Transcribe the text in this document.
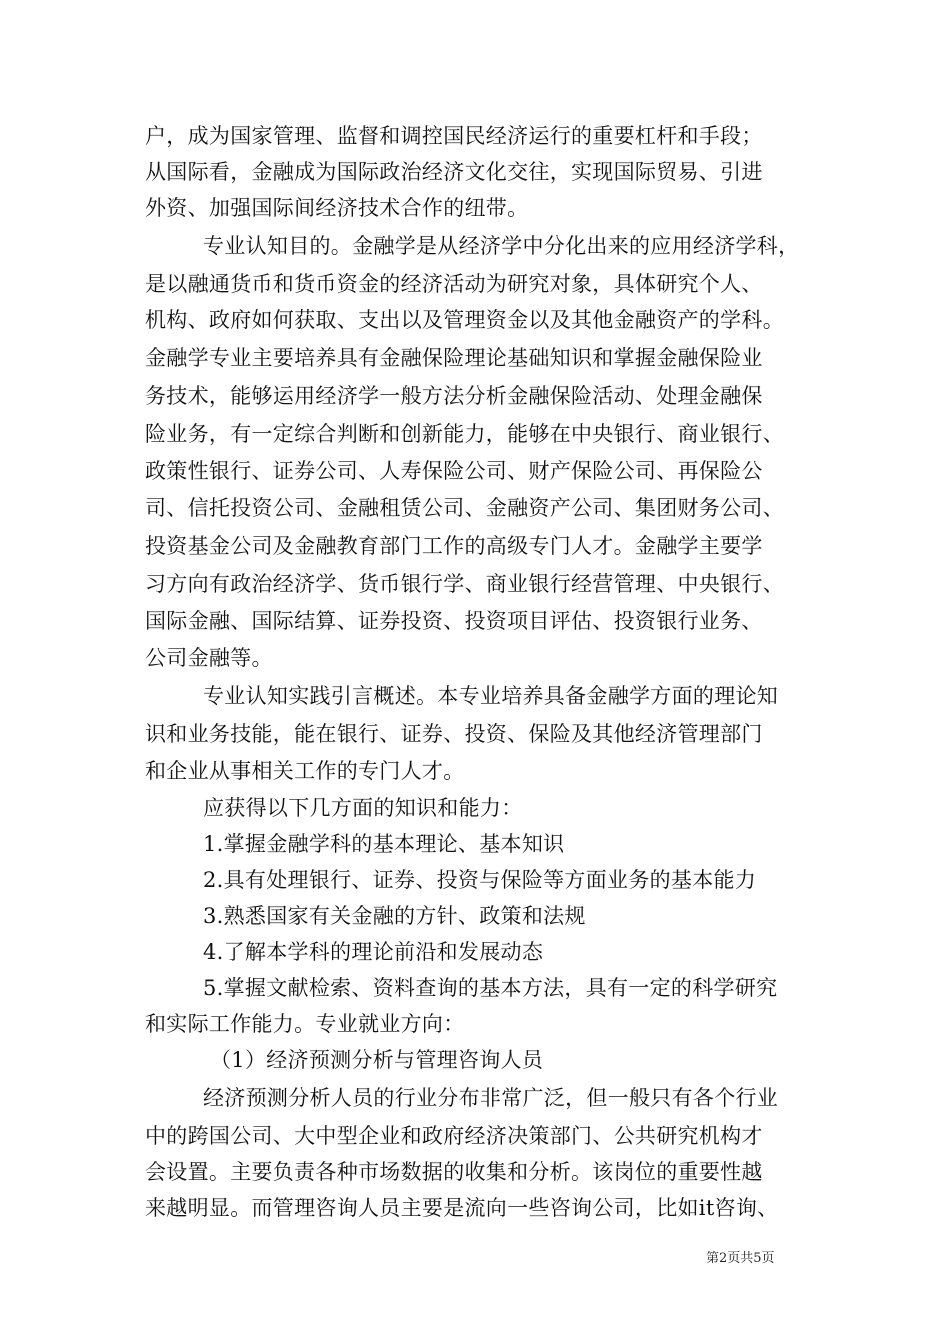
户，成为国家管理、监督和调控国民经济运行的重要杠杆和手段；
从国际看，金融成为国际政治经济文化交往，实现国际贸易、引进
外资、加强国际间经济技术合作的纽带。
专业认知目的。金融学是从经济学中分化出来的应用经济学科，
是以融通货币和货币资金的经济活动为研究对象，具体研究个人、
机构、政府如何获取、支出以及管理资金以及其他金融资产的学科。
金融学专业主要培养具有金融保险理论基础知识和掌握金融保险业
务技术，能够运用经济学一般方法分析金融保险活动、处理金融保
险业务，有一定综合判断和创新能力，能够在中央银行、商业银行、
政策性银行、证券公司、人寿保险公司、财产保险公司、再保险公
司、信托投资公司、金融租赁公司、金融资产公司、集团财务公司、
投资基金公司及金融教育部门工作的高级专门人才。金融学主要学
习方向有政治经济学、货币银行学、商业银行经营管理、中央银行、
国际金融、国际结算、证券投资、投资项目评估、投资银行业务、
公司金融等。
专业认知实践引言概述。本专业培养具备金融学方面的理论知
识和业务技能，能在银行、证券、投资、保险及其他经济管理部门
和企业从事相关工作的专门人才。
应获得以下几方面的知识和能力：
1.掌握金融学科的基本理论、基本知识
2.具有处理银行、证券、投资与保险等方面业务的基本能力
3.熟悉国家有关金融的方针、政策和法规
4.了解本学科的理论前沿和发展动态
5.掌握文献检索、资料查询的基本方法，具有一定的科学研究
和实际工作能力。专业就业方向：
（1）经济预测分析与管理咨询人员
经济预测分析人员的行业分布非常广泛，但一般只有各个行业
中的跨国公司、大中型企业和政府经济决策部门、公共研究机构才
会设置。主要负责各种市场数据的收集和分析。该岗位的重要性越
来越明显。而管理咨询人员主要是流向一些咨询公司，比如it咨询、
第2页共5页
